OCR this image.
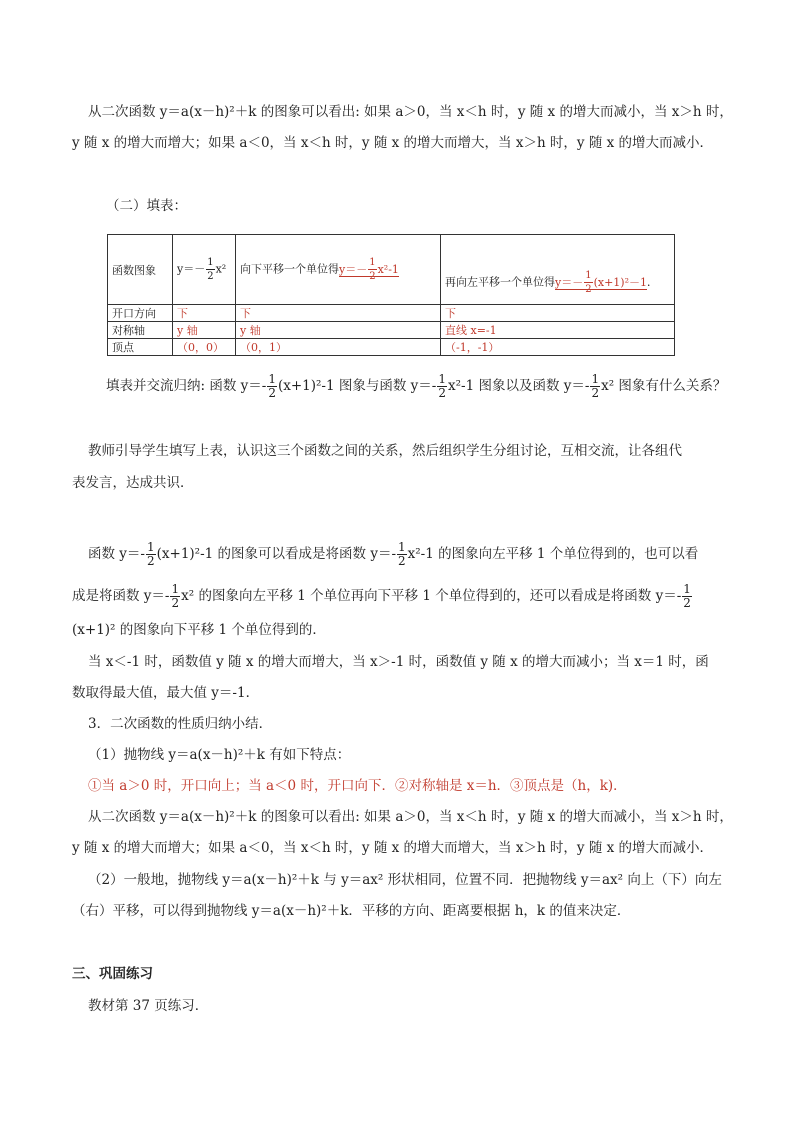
从二次函数 y＝a(x－h)²＋k 的图象可以看出: 如果 a＞0，当 x＜h 时，y 随 x 的增大而减小，当 x＞h 时，
y 随 x 的增大而增大；如果 a＜0，当 x＜h 时，y 随 x 的增大而增大，当 x＞h 时，y 随 x 的增大而减小．
（二）填表：
函数图象	$y=- \frac{1}{2} x^2$	向下平移一个单位得$y=- \frac{1}{2} x^2-1$	再向左平移一个单位得$y=- \frac{1}{2} (x+1)^2-1$．
开口方向	下	下	下
对称轴	y 轴	y 轴	直线 x=-1
顶点	（0，0）	（0，1）	（-1，-1）
填表并交流归纳: 函数 $y=- \frac{1}{2} (x+1)^2-1$ 图象与函数 $y=- \frac{1}{2} x^2-1$ 图象以及函数 $y=- \frac{1}{2} x^2$ 图象有什么关系？
教师引导学生填写上表，认识这三个函数之间的关系，然后组织学生分组讨论，互相交流，让各组代
表发言，达成共识．
函数 $y=- \frac{1}{2} (x+1)^2-1$ 的图象可以看成是将函数 $y=- \frac{1}{2} x^2-1$ 的图象向左平移 1 个单位得到的，也可以看
成是将函数 $y=- \frac{1}{2} x^2$ 的图象向左平移 1 个单位再向下平移 1 个单位得到的，还可以看成是将函数 $y=- \frac{1}{2}$
(x+1)² 的图象向下平移 1 个单位得到的．
当 x＜-1 时，函数值 y 随 x 的增大而增大，当 x＞-1 时，函数值 y 随 x 的增大而减小；当 x＝1 时，函
数取得最大值，最大值 y＝-1．
3．二次函数的性质归纳小结．
（1）抛物线 y＝a(x－h)²＋k 有如下特点：
①当 a＞0 时，开口向上；当 a＜0 时，开口向下．②对称轴是 x＝h．③顶点是（h，k)．
从二次函数 y＝a(x－h)²＋k 的图象可以看出: 如果 a＞0，当 x＜h 时，y 随 x 的增大而减小，当 x＞h 时，
y 随 x 的增大而增大；如果 a＜0，当 x＜h 时，y 随 x 的增大而增大，当 x＞h 时，y 随 x 的增大而减小．
（2）一般地，抛物线 y＝a(x－h)²＋k 与 y＝ax² 形状相同，位置不同．把抛物线 y＝ax² 向上（下）向左
（右）平移，可以得到抛物线 y＝a(x－h)²＋k．平移的方向、距离要根据 h，k 的值来决定．
三、巩固练习
教材第 37 页练习．
